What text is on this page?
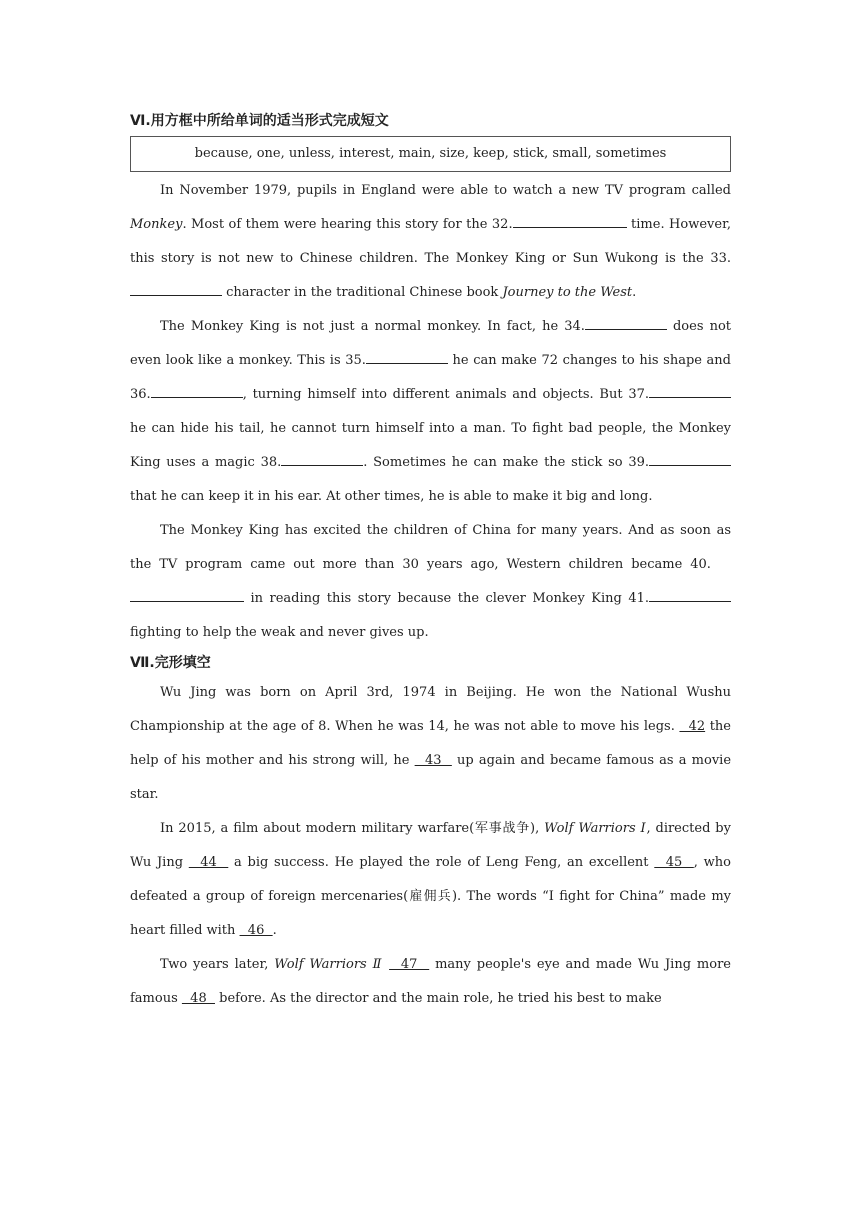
Ⅵ.用方框中所给单词的适当形式完成短文
because, one, unless, interest, main, size, keep, stick, small, sometimes

In November 1979, pupils in England were able to watch a new TV program called Monkey. Most of them were hearing this story for the 32.	time. However, this story is not new to Chinese children. The Monkey King or Sun Wukong is the 33. character in the traditional Chinese book Journey to the West.

The Monkey King is not just a normal monkey. In fact, he 34.	does not even look like a monkey. This is 35.	he can make 72 changes to his shape and 36.	, turning himself into different animals and objects. But 37. he can hide his tail, he cannot turn himself into a man. To fight bad people, the Monkey King uses a magic 38.	. Sometimes he can make the stick so 39. that he can keep it in his ear. At other times, he is able to make it big and long.

The Monkey King has excited the children of China for many years. And as soon as the TV program came out more than 30 years ago, Western children became 40.     in reading this story because the clever Monkey King 41. fighting to help the weak and never gives up.

Ⅶ.完形填空

Wu Jing was born on April 3rd, 1974 in Beijing. He won the National Wushu Championship at the age of 8. When he was 14, he was not able to move his legs.   42 the help of his mother and his strong will, he   43   up again and became famous as a movie star.

In 2015, a film about modern military warfare(军事战争), Wolf Warriors Ⅰ, directed by Wu Jing   44   a big success. He played the role of Leng Feng, an excellent   45  , who defeated a group of foreign mercenaries(雇佣兵). The words “I fight for China” made my heart filled with   46  .

Two years later, Wolf Warriors Ⅱ   47   many people's eye and made Wu Jing more famous   48   before. As the director and the main role, he tried his best to make
